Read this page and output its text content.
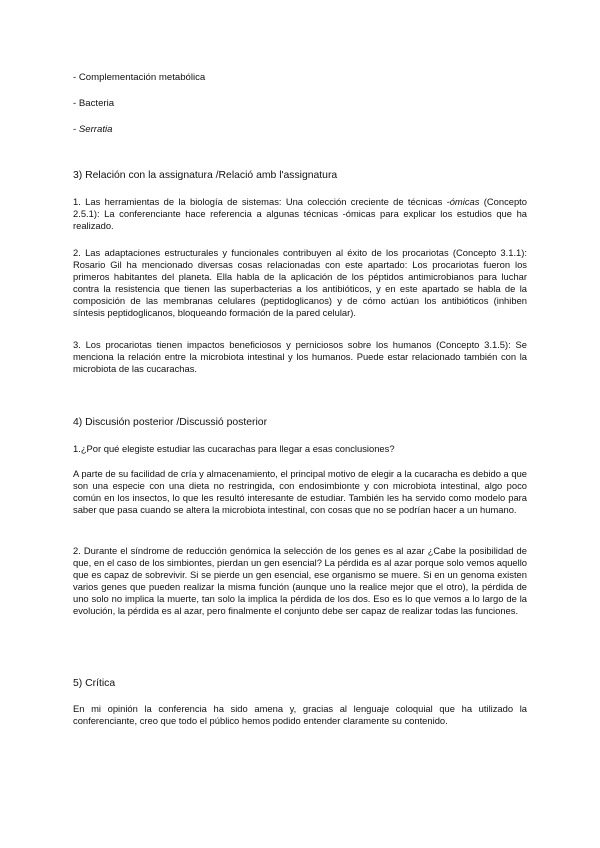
- Complementación metabólica
- Bacteria
- Serratia
3) Relación con la assignatura /Relació amb l'assignatura

1. Las herramientas de la biología de sistemas: Una colección creciente de técnicas -ómicas (Concepto 2.5.1): La conferenciante hace referencia a algunas técnicas -ómicas para explicar los estudios que ha realizado.

2. Las adaptaciones estructurales y funcionales contribuyen al éxito de los procariotas (Concepto 3.1.1): Rosario Gil ha mencionado diversas cosas relacionadas con este apartado: Los procariotas fueron los primeros habitantes del planeta. Ella habla de la aplicación de los péptidos antimicrobianos para luchar contra la resistencia que tienen las superbacterias a los antibióticos, y en este apartado se habla de la composición de las membranas celulares (peptidoglicanos) y de cómo actúan los antibióticos (inhiben síntesis peptidoglicanos, bloqueando formación de la pared celular).

3. Los procariotas tienen impactos beneficiosos y perniciosos sobre los humanos (Concepto 3.1.5): Se menciona la relación entre la microbiota intestinal y los humanos. Puede estar relacionado también con la microbiota de las cucarachas.

4) Discusión posterior /Discussió posterior

1.¿Por qué elegiste estudiar las cucarachas para llegar a esas conclusiones?

A parte de su facilidad de cría y almacenamiento, el principal motivo de elegir a la cucaracha es debido a que son una especie con una dieta no restringida, con endosimbionte y con microbiota intestinal, algo poco común en los insectos, lo que les resultó interesante de estudiar. También les ha servido como modelo para saber que pasa cuando se altera la microbiota intestinal, con cosas que no se podrían hacer a un humano.

2. Durante el síndrome de reducción genómica la selección de los genes es al azar ¿Cabe la posibilidad de que, en el caso de los simbiontes, pierdan un gen esencial? La pérdida es al azar porque solo vemos aquello que es capaz de sobrevivir. Si se pierde un gen esencial, ese organismo se muere. Si en un genoma existen varios genes que pueden realizar la misma función (aunque uno la realice mejor que el otro), la pérdida de uno solo no implica la muerte, tan solo la implica la pérdida de los dos. Eso es lo que vemos a lo largo de la evolución, la pérdida es al azar, pero finalmente el conjunto debe ser capaz de realizar todas las funciones.

5) Crítica

En mi opinión la conferencia ha sido amena y, gracias al lenguaje coloquial que ha utilizado la conferenciante, creo que todo el público hemos podido entender claramente su contenido.
